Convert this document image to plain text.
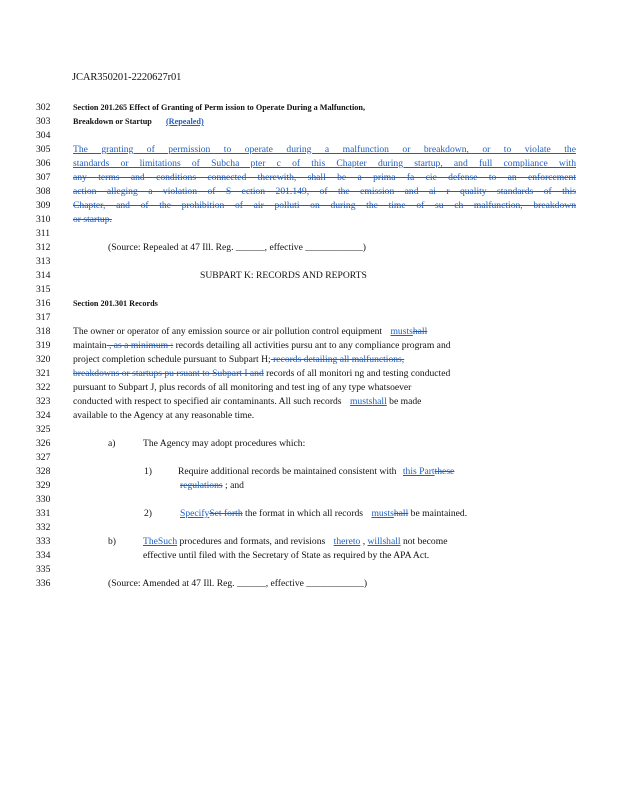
JCAR350201-2220627r01
302
303
304
305
306
307
308
309
310
311
312
313
314
315
316
317
318
319
320
321
322
323
324
325
326
327
328
329
330
331
332
333
334
335
336
Section 201.265 Effect of Granting of Perm ission to Operate During a Malfunction,
Breakdown or Startup (Repealed)
The granting of permission to operate during a malfunction or breakdown, or to violate the
standards or limitations of Subcha pter c of this Chapter during startup, and full compliance with
any terms and conditions connected therewith, shall be a prima fa cie defense to an enforcement
action alleging a violation of S ection 201.149, of the emission and ai r quality standards of this
Chapter, and of the prohibition of air polluti on during the time of su ch malfunction, breakdown
or startup.
(Source: Repealed at 47 Ill. Reg. ______, effective ____________)
SUBPART K: RECORDS AND REPORTS
Section 201.301 Records
The owner or operator of any emission source or air pollution control equipment mustshall
maintain , as a minimum : records detailing all activities pursu ant to any compliance program and
project completion schedule pursuant to Subpart H; records detailing all malfunctions,
breakdowns or startups pu rsuant to Subpart I and records of all monitori ng and testing conducted
pursuant to Subpart J, plus records of all monitoring and test ing of any type whatsoever
conducted with respect to specified air contaminants. All such records mustshall be made
available to the Agency at any reasonable time.
a)	The Agency may adopt procedures which:
1)	Require additional records be maintained consistent with this Partthese
regulations ; and
2)	SpecifySet forth the format in which all records mustshall be maintained.
b)	TheSuch procedures and formats, and revisions thereto , willshall not become
effective until filed with the Secretary of State as required by the APA Act.
(Source: Amended at 47 Ill. Reg. ______, effective ____________)
